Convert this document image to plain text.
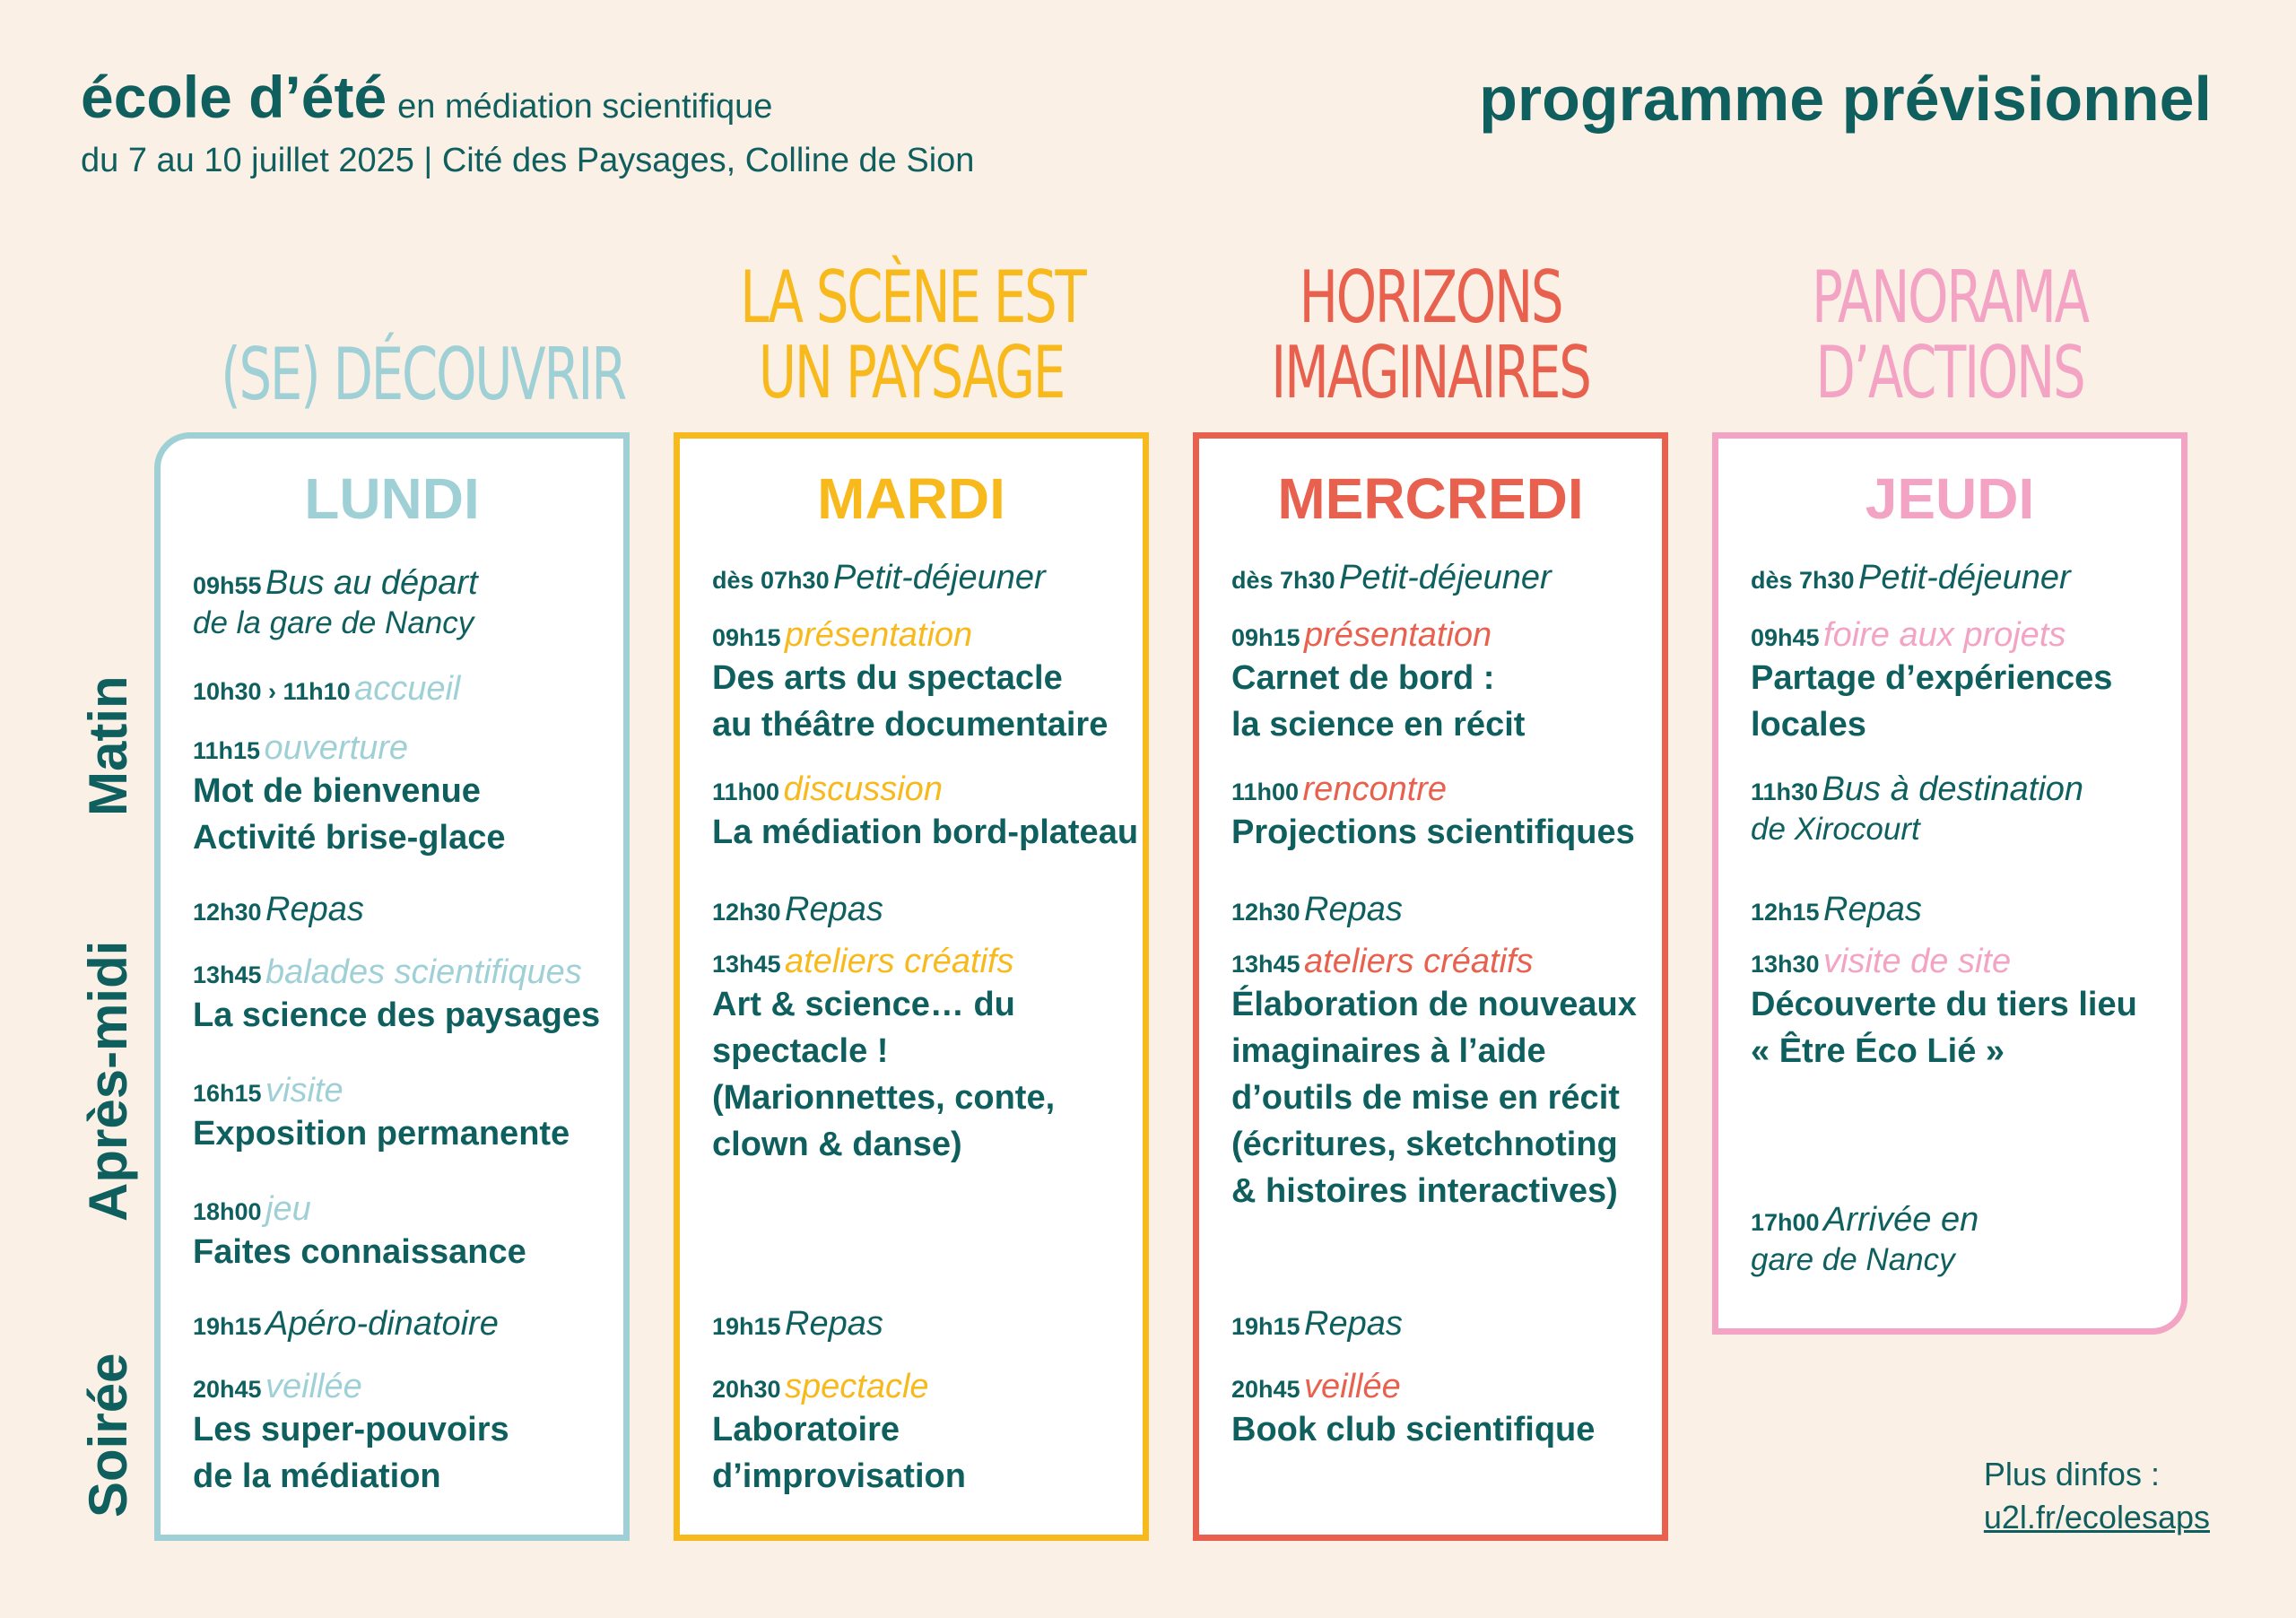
école d’été en médiation scientifique
du 7 au 10 juillet 2025 | Cité des Paysages, Colline de Sion
programme prévisionnel
Matin
Après-midi
Soirée
(SE) DÉCOUVRIR
LA SCÈNE EST
UN PAYSAGE
HORIZONS
IMAGINAIRES
PANORAMA
D’ACTIONS
LUNDI
09h55 Bus au départ
de la gare de Nancy
10h30 › 11h10 accueil
11h15 ouverture
Mot de bienvenue
Activité brise-glace
12h30 Repas
13h45 balades scientifiques
La science des paysages
16h15 visite
Exposition permanente
18h00 jeu
Faites connaissance
19h15 Apéro-dinatoire
20h45 veillée
Les super-pouvoirs
de la médiation
MARDI
dès 07h30 Petit-déjeuner
09h15 présentation
Des arts du spectacle
au théâtre documentaire
11h00 discussion
La médiation bord-plateau
12h30 Repas
13h45 ateliers créatifs
Art & science… du
spectacle !
(Marionnettes, conte,
clown & danse)
19h15 Repas
20h30 spectacle
Laboratoire
d’improvisation
MERCREDI
dès 7h30 Petit-déjeuner
09h15 présentation
Carnet de bord :
la science en récit
11h00 rencontre
Projections scientifiques
12h30 Repas
13h45 ateliers créatifs
Élaboration de nouveaux
imaginaires à l’aide
d’outils de mise en récit
(écritures, sketchnoting
& histoires interactives)
19h15 Repas
20h45 veillée
Book club scientifique
JEUDI
dès 7h30 Petit-déjeuner
09h45 foire aux projets
Partage d’expériences
locales
11h30 Bus à destination
de Xirocourt
12h15 Repas
13h30 visite de site
Découverte du tiers lieu
« Être Éco Lié »
17h00 Arrivée en
gare de Nancy
Plus dinfos :
u2l.fr/ecolesaps
